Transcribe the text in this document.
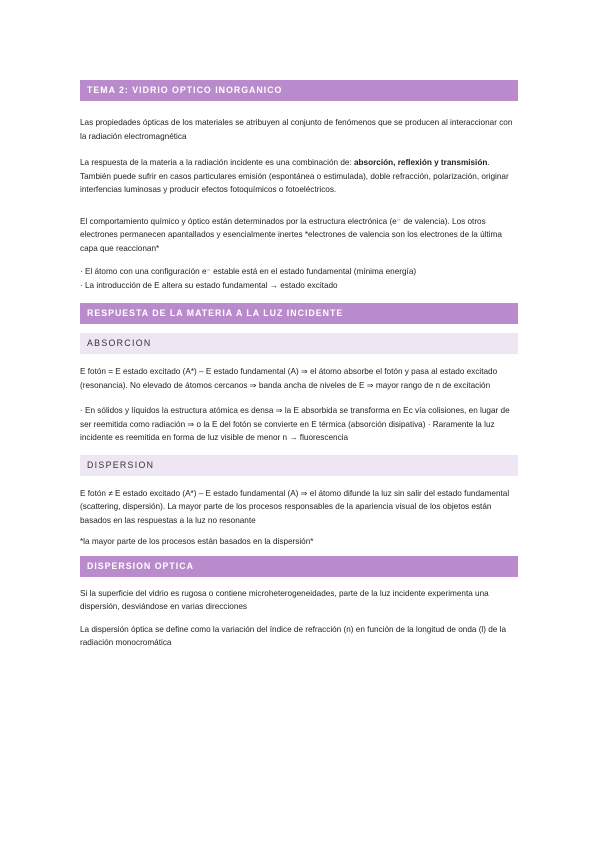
TEMA 2: VIDRIO OPTICO INORGANICO

Las propiedades ópticas de los materiales se atribuyen al conjunto de fenómenos que se producen al interaccionar con la radiación electromagnética

La respuesta de la materia a la radiación incidente es una combinación de: absorción, reflexión y transmisión. También puede sufrir en casos particulares emisión (espontánea o estimulada), doble refracción, polarización, originar interfencias luminosas y producir efectos fotoquímicos o fotoeléctricos.

El comportamiento químico y óptico están determinados por la estructura electrónica (e⁻ de valencia). Los otros electrones permanecen apantallados y esencialmente inertes *electrones de valencia son los electrones de la última capa que reaccionan*

· El átomo con una configuración e⁻ estable está en el estado fundamental (mínima energía)

· La introducción de E altera su estado fundamental → estado excitado

RESPUESTA DE LA MATERIA A LA LUZ INCIDENTE
ABSORCION

E fotón = E estado excitado (A*) – E estado fundamental (A) ⇒ el átomo absorbe el fotón y pasa al estado excitado (resonancia). No elevado de átomos cercanos ⇒ banda ancha de niveles de E ⇒ mayor rango de n de excitación

· En sólidos y líquidos la estructura atómica es densa ⇒ la E absorbida se transforma en Ec vía colisiones, en lugar de ser reemitida como radiación ⇒ o la E del fotón se convierte en E térmica (absorción disipativa) · Raramente la luz incidente es reemitida en forma de luz visible de menor n → fluorescencia

DISPERSION

E fotón ≠ E estado excitado (A*) – E estado fundamental (A) ⇒ el átomo difunde la luz sin salir del estado fundamental (scattering, dispersión). La mayor parte de los procesos responsables de la apariencia visual de los objetos están basados en las respuestas a la luz no resonante

*la mayor parte de los procesos están basados en la dispersión*

DISPERSION OPTICA

Si la superficie del vidrio es rugosa o contiene microheterogeneidades, parte de la luz incidente experimenta una dispersión, desviándose en varias direcciones

La dispersión óptica se define como la variación del índice de refracción (n) en función de la longitud de onda (l) de la radiación monocromática
